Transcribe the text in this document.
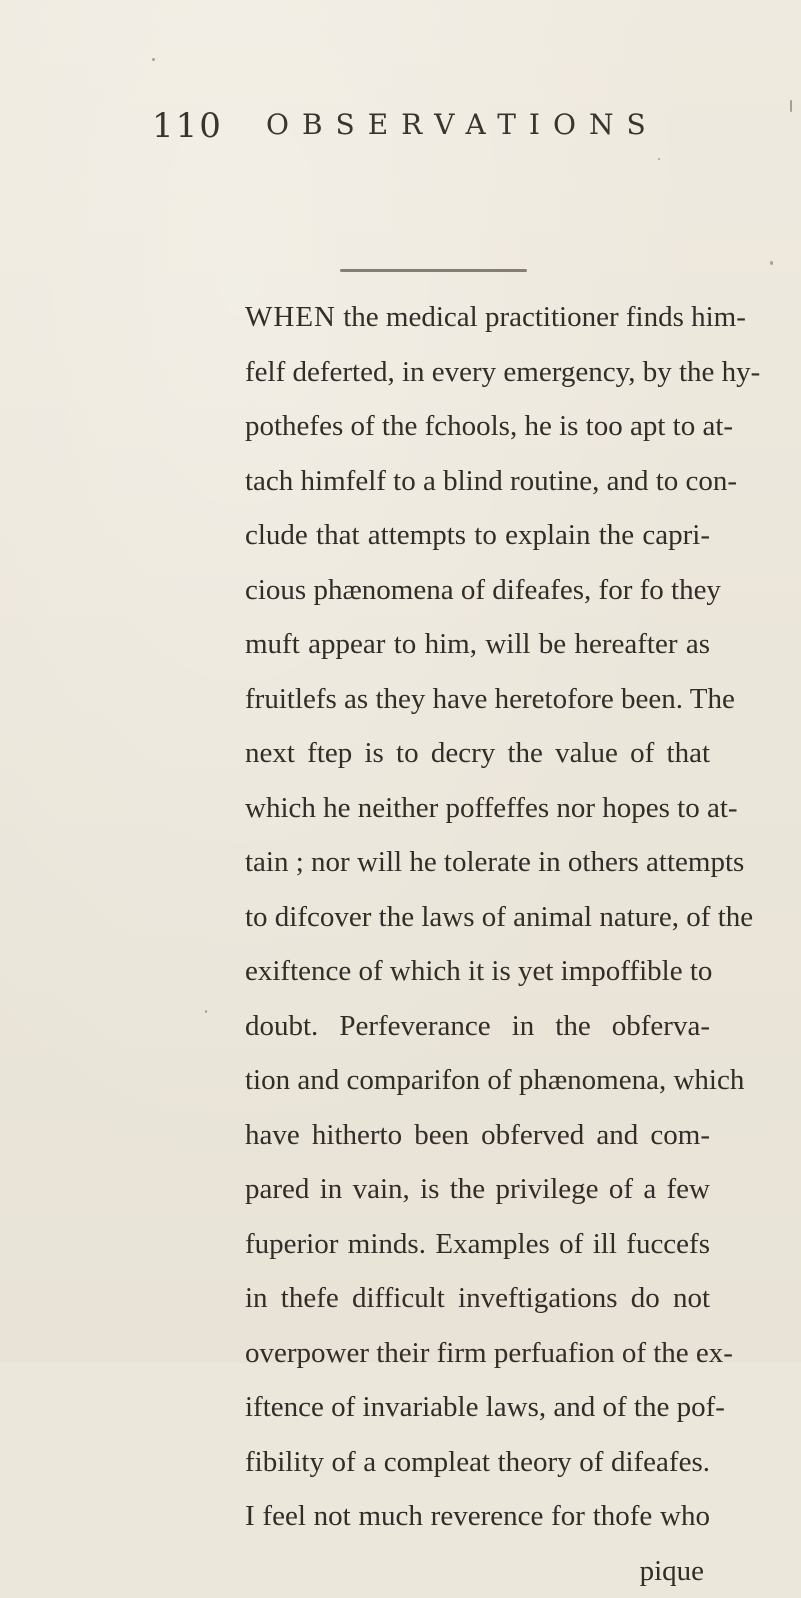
110 OBSERVATIONS
WHEN the medical practitioner finds him-
felf deferted, in every emergency, by the hy-
pothefes of the fchools, he is too apt to at-
tach himfelf to a blind routine, and to con-
clude that attempts to explain the capri-
cious phænomena of difeafes, for fo they
muft appear to him, will be hereafter as
fruitlefs as they have heretofore been. The
next ftep is to decry the value of that
which he neither poffeffes nor hopes to at-
tain ; nor will he tolerate in others attempts
to difcover the laws of animal nature, of the
exiftence of which it is yet impoffible to
doubt. Perfeverance in the obferva-
tion and comparifon of phænomena, which
have hitherto been obferved and com-
pared in vain, is the privilege of a few
fuperior minds. Examples of ill fuccefs
in thefe difficult inveftigations do not
overpower their firm perfuafion of the ex-
iftence of invariable laws, and of the pof-
fibility of a compleat theory of difeafes.
I feel not much reverence for thofe who
pique
